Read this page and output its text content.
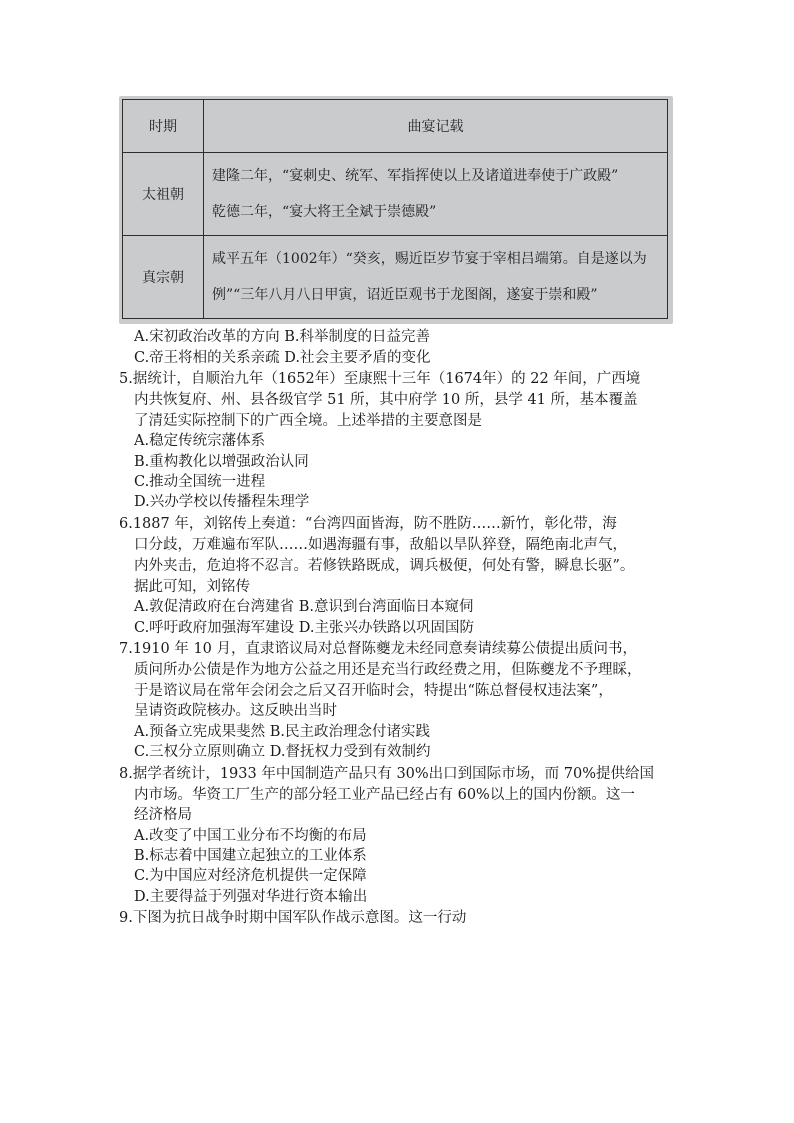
时期	曲宴记载
太祖朝	建隆二年，“宴刺史、统军、军指挥使以上及诸道进奉使于广政殿”
乾德二年，“宴大将王全斌于崇德殿”

真宗朝	咸平五年（1002年）“癸亥，赐近臣岁节宴于宰相吕端第。自是遂以为
例”“三年八月八日甲寅，诏近臣观书于龙图阁，遂宴于崇和殿”
A.宋初政治改革的方向 B.科举制度的日益完善
C.帝王将相的关系亲疏 D.社会主要矛盾的变化
5.据统计，自顺治九年（1652年）至康熙十三年（1674年）的 22 年间，广西境
内共恢复府、州、县各级官学 51 所，其中府学 10 所，县学 41 所，基本覆盖
了清廷实际控制下的广西全境。上述举措的主要意图是
A.稳定传统宗藩体系
B.重构教化以增强政治认同
C.推动全国统一进程
D.兴办学校以传播程朱理学
6.1887 年，刘铭传上奏道：“台湾四面皆海，防不胜防……新竹，彰化带，海
口分歧，万难遍布军队……如遇海疆有事，敌船以旱队猝登，隔绝南北声气，
内外夹击，危迫将不忍言。若修铁路既成，调兵极便，何处有警，瞬息长驱”。
据此可知，刘铭传
A.敦促清政府在台湾建省 B.意识到台湾面临日本窥伺
C.呼吁政府加强海军建设 D.主张兴办铁路以巩固国防
7.1910 年 10 月，直隶谘议局对总督陈夔龙未经同意奏请续募公债提出质问书，
质问所办公债是作为地方公益之用还是充当行政经费之用，但陈夔龙不予理睬，
于是谘议局在常年会闭会之后又召开临时会，特提出“陈总督侵权违法案”，
呈请资政院核办。这反映出当时
A.预备立宪成果斐然 B.民主政治理念付诸实践
C.三权分立原则确立 D.督抚权力受到有效制约
8.据学者统计，1933 年中国制造产品只有 30%出口到国际市场，而 70%提供给国
内市场。华资工厂生产的部分轻工业产品已经占有 60%以上的国内份额。这一
经济格局
A.改变了中国工业分布不均衡的布局
B.标志着中国建立起独立的工业体系
C.为中国应对经济危机提供一定保障
D.主要得益于列强对华进行资本输出
9.下图为抗日战争时期中国军队作战示意图。这一行动
